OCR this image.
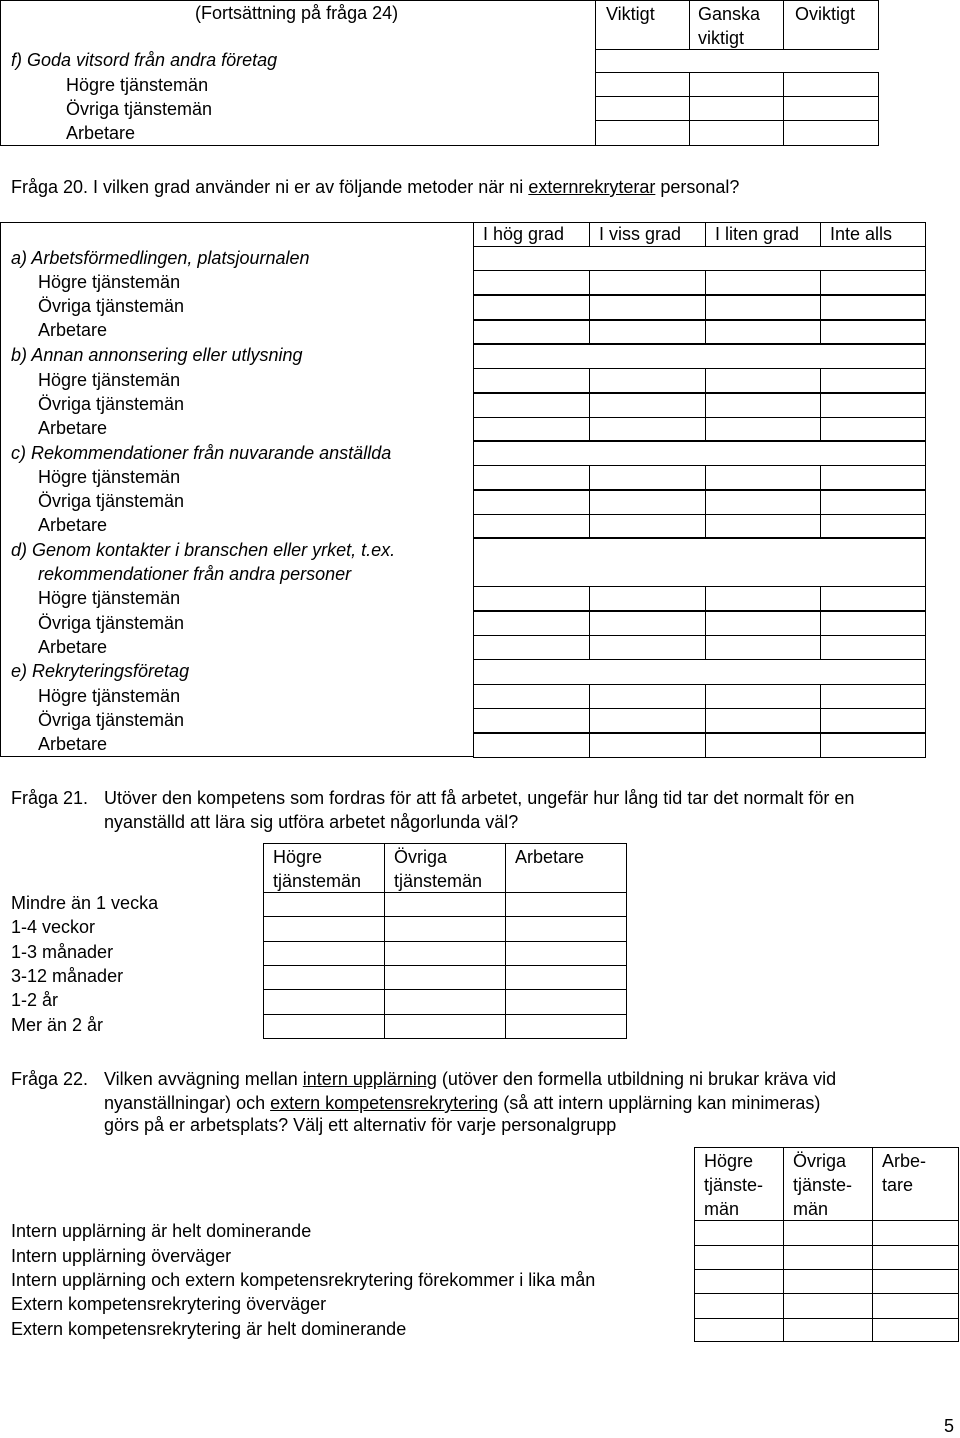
(Fortsättning på fråga 24)	Viktigt Ganska
viktigt
Oviktigt
f) Goda vitsord från andra företag
Högre tjänstemän
Övriga tjänstemän
Arbetare
Fråga 20. I vilken grad använder ni er av följande metoder när ni externrekryterar personal?
I hög grad I viss grad I liten grad Inte alls
a) Arbetsförmedlingen, platsjournalen
Högre tjänstemän
Övriga tjänstemän
Arbetare
b) Annan annonsering eller utlysning
Högre tjänstemän
Övriga tjänstemän
Arbetare
c) Rekommendationer från nuvarande anställda
Högre tjänstemän
Övriga tjänstemän
Arbetare
d) Genom kontakter i branschen eller yrket, t.ex.
rekommendationer från andra personer
Högre tjänstemän
Övriga tjänstemän
Arbetare
e) Rekryteringsföretag
Högre tjänstemän
Övriga tjänstemän
Arbetare
Fråga 21. Utöver den kompetens som fordras för att få arbetet, ungefär hur lång tid tar det normalt för en
nyanställd att lära sig utföra arbetet någorlunda väl?
Högre
tjänstemän
Övriga
tjänstemän
Arbetare
Mindre än 1 vecka
1-4 veckor
1-3 månader
3-12 månader
1-2 år
Mer än 2 år
Fråga 22. Vilken avvägning mellan intern upplärning (utöver den formella utbildning ni brukar kräva vid
nyanställningar) och extern kompetensrekrytering (så att intern upplärning kan minimeras)
görs på er arbetsplats? Välj ett alternativ för varje personalgrupp
Högre
tjänste-
män
Övriga
tjänste-
män
Arbe-
tare
Intern upplärning är helt dominerande
Intern upplärning överväger
Intern upplärning och extern kompetensrekrytering förekommer i lika mån
Extern kompetensrekrytering överväger
Extern kompetensrekrytering är helt dominerande
5
